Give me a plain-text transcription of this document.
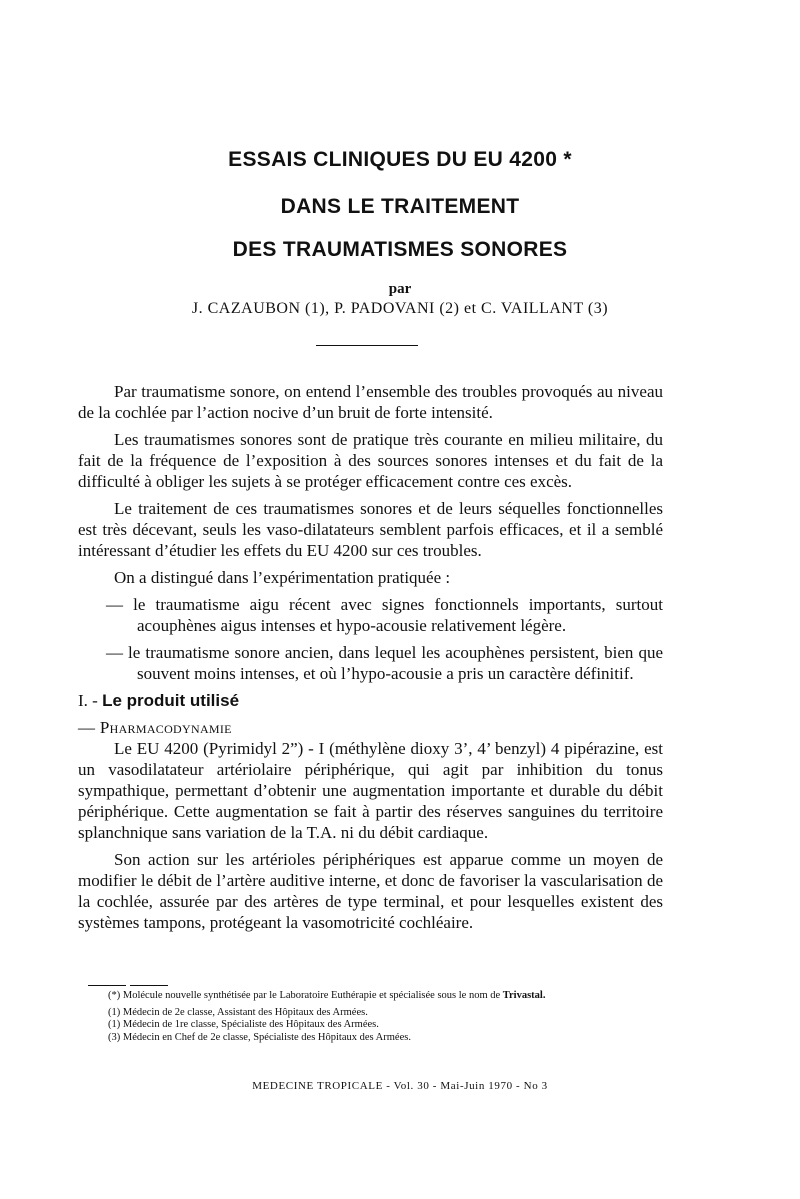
ESSAIS CLINIQUES DU EU 4200 *
DANS LE TRAITEMENT
DES TRAUMATISMES SONORES
par
J. CAZAUBON (1), P. PADOVANI (2) et C. VAILLANT (3)

Par traumatisme sonore, on entend l’ensemble des troubles provoqués au niveau de la cochlée par l’action nocive d’un bruit de forte intensité.

Les traumatismes sonores sont de pratique très courante en milieu militaire, du fait de la fréquence de l’exposition à des sources sonores intenses et du fait de la difficulté à obliger les sujets à se protéger efficacement contre ces excès.

Le traitement de ces traumatismes sonores et de leurs séquelles fonctionnelles est très décevant, seuls les vaso-dilatateurs semblent parfois efficaces, et il a semblé intéressant d’étudier les effets du EU 4200 sur ces troubles.

On a distingué dans l’expérimentation pratiquée :

— le traumatisme aigu récent avec signes fonctionnels importants, surtout acouphènes aigus intenses et hypo-acousie relativement légère.

— le traumatisme sonore ancien, dans lequel les acouphènes persistent, bien que souvent moins intenses, et où l’hypo-acousie a pris un caractère définitif.

I. - Le produit utilisé

— Pharmacodynamie

Le EU 4200 (Pyrimidyl 2”) - I (méthylène dioxy 3’, 4’ benzyl) 4 pipérazine, est un vasodilatateur artériolaire périphérique, qui agit par inhibition du tonus sympathique, permettant d’obtenir une augmentation importante et durable du débit périphérique. Cette augmentation se fait à partir des réserves sanguines du territoire splanchnique sans variation de la T.A. ni du débit cardiaque.

Son action sur les artérioles périphériques est apparue comme un moyen de modifier le débit de l’artère auditive interne, et donc de favoriser la vascularisation de la cochlée, assurée par des artères de type terminal, et pour lesquelles existent des systèmes tampons, protégeant la vasomotricité cochléaire.

(*) Molécule nouvelle synthétisée par le Laboratoire Euthérapie et spécialisée sous le nom de Trivastal.

(1) Médecin de 2e classe, Assistant des Hôpitaux des Armées.

(1) Médecin de 1re classe, Spécialiste des Hôpitaux des Armées.

(3) Médecin en Chef de 2e classe, Spécialiste des Hôpitaux des Armées.

MEDECINE TROPICALE - Vol. 30 - Mai-Juin 1970 - No 3
